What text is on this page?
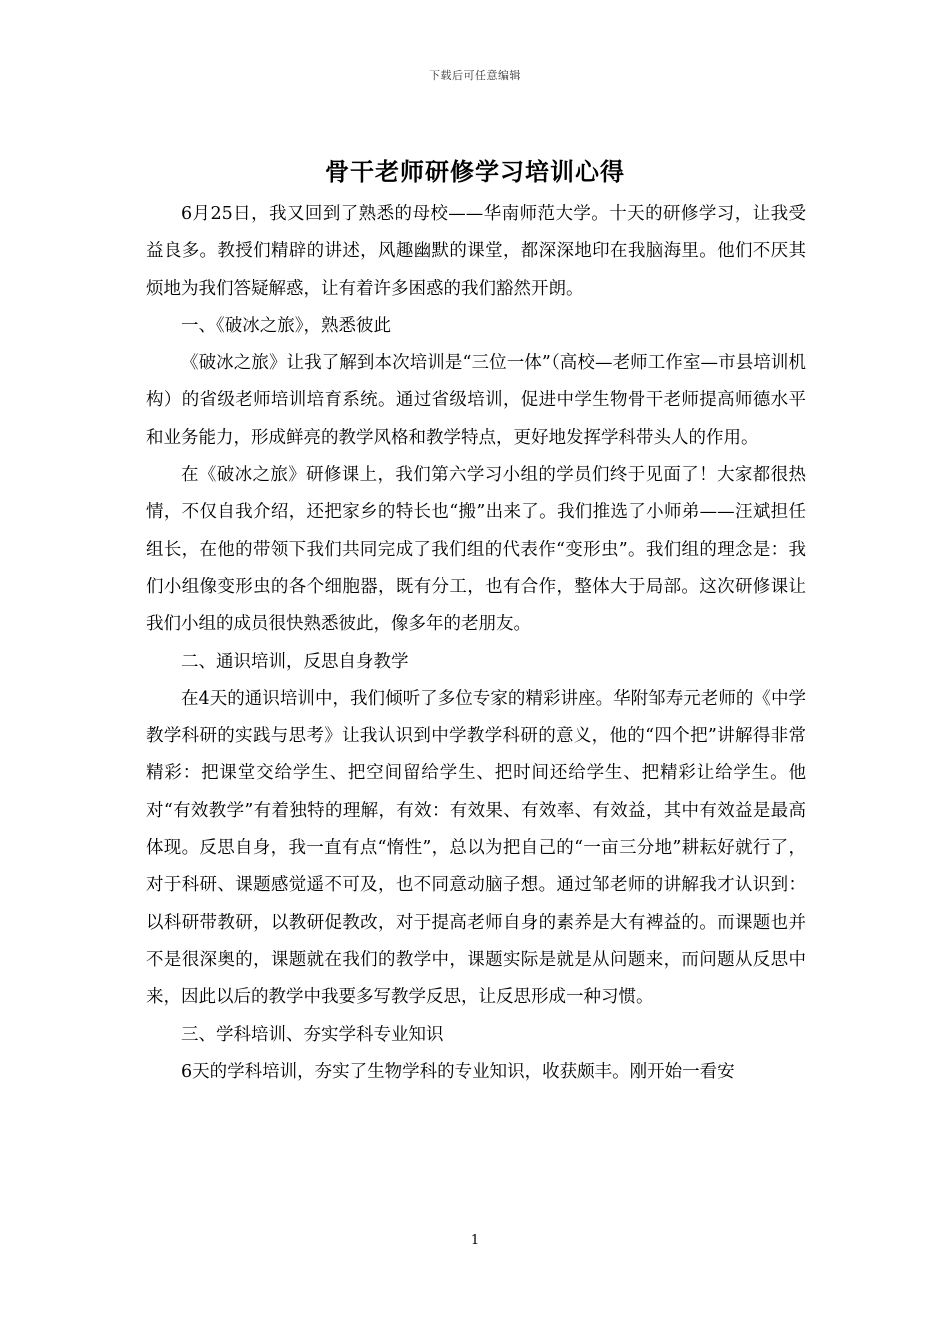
下载后可任意编辑
骨干老师研修学习培训心得

6月25日，我又回到了熟悉的母校——华南师范大学。十天的研修学习，让我受益良多。教授们精辟的讲述，风趣幽默的课堂，都深深地印在我脑海里。他们不厌其烦地为我们答疑解惑，让有着许多困惑的我们豁然开朗。

一、《破冰之旅》，熟悉彼此

《破冰之旅》让我了解到本次培训是“三位一体”（高校—老师工作室—市县培训机构）的省级老师培训培育系统。通过省级培训，促进中学生物骨干老师提高师德水平和业务能力，形成鲜亮的教学风格和教学特点，更好地发挥学科带头人的作用。

在《破冰之旅》研修课上，我们第六学习小组的学员们终于见面了！大家都很热情，不仅自我介绍，还把家乡的特长也“搬”出来了。我们推选了小师弟——汪斌担任组长，在他的带领下我们共同完成了我们组的代表作“变形虫”。我们组的理念是：我们小组像变形虫的各个细胞器，既有分工，也有合作，整体大于局部。这次研修课让我们小组的成员很快熟悉彼此，像多年的老朋友。

二、通识培训，反思自身教学

在4天的通识培训中，我们倾听了多位专家的精彩讲座。华附邹寿元老师的《中学教学科研的实践与思考》让我认识到中学教学科研的意义，他的“四个把”讲解得非常精彩：把课堂交给学生、把空间留给学生、把时间还给学生、把精彩让给学生。他对“有效教学”有着独特的理解，有效：有效果、有效率、有效益，其中有效益是最高体现。反思自身，我一直有点“惰性”，总以为把自己的“一亩三分地”耕耘好就行了，对于科研、课题感觉遥不可及，也不同意动脑子想。通过邹老师的讲解我才认识到：以科研带教研，以教研促教改，对于提高老师自身的素养是大有裨益的。而课题也并不是很深奥的，课题就在我们的教学中，课题实际是就是从问题来，而问题从反思中来，因此以后的教学中我要多写教学反思，让反思形成一种习惯。

三、学科培训、夯实学科专业知识

6天的学科培训，夯实了生物学科的专业知识，收获颇丰。刚开始一看安

1
